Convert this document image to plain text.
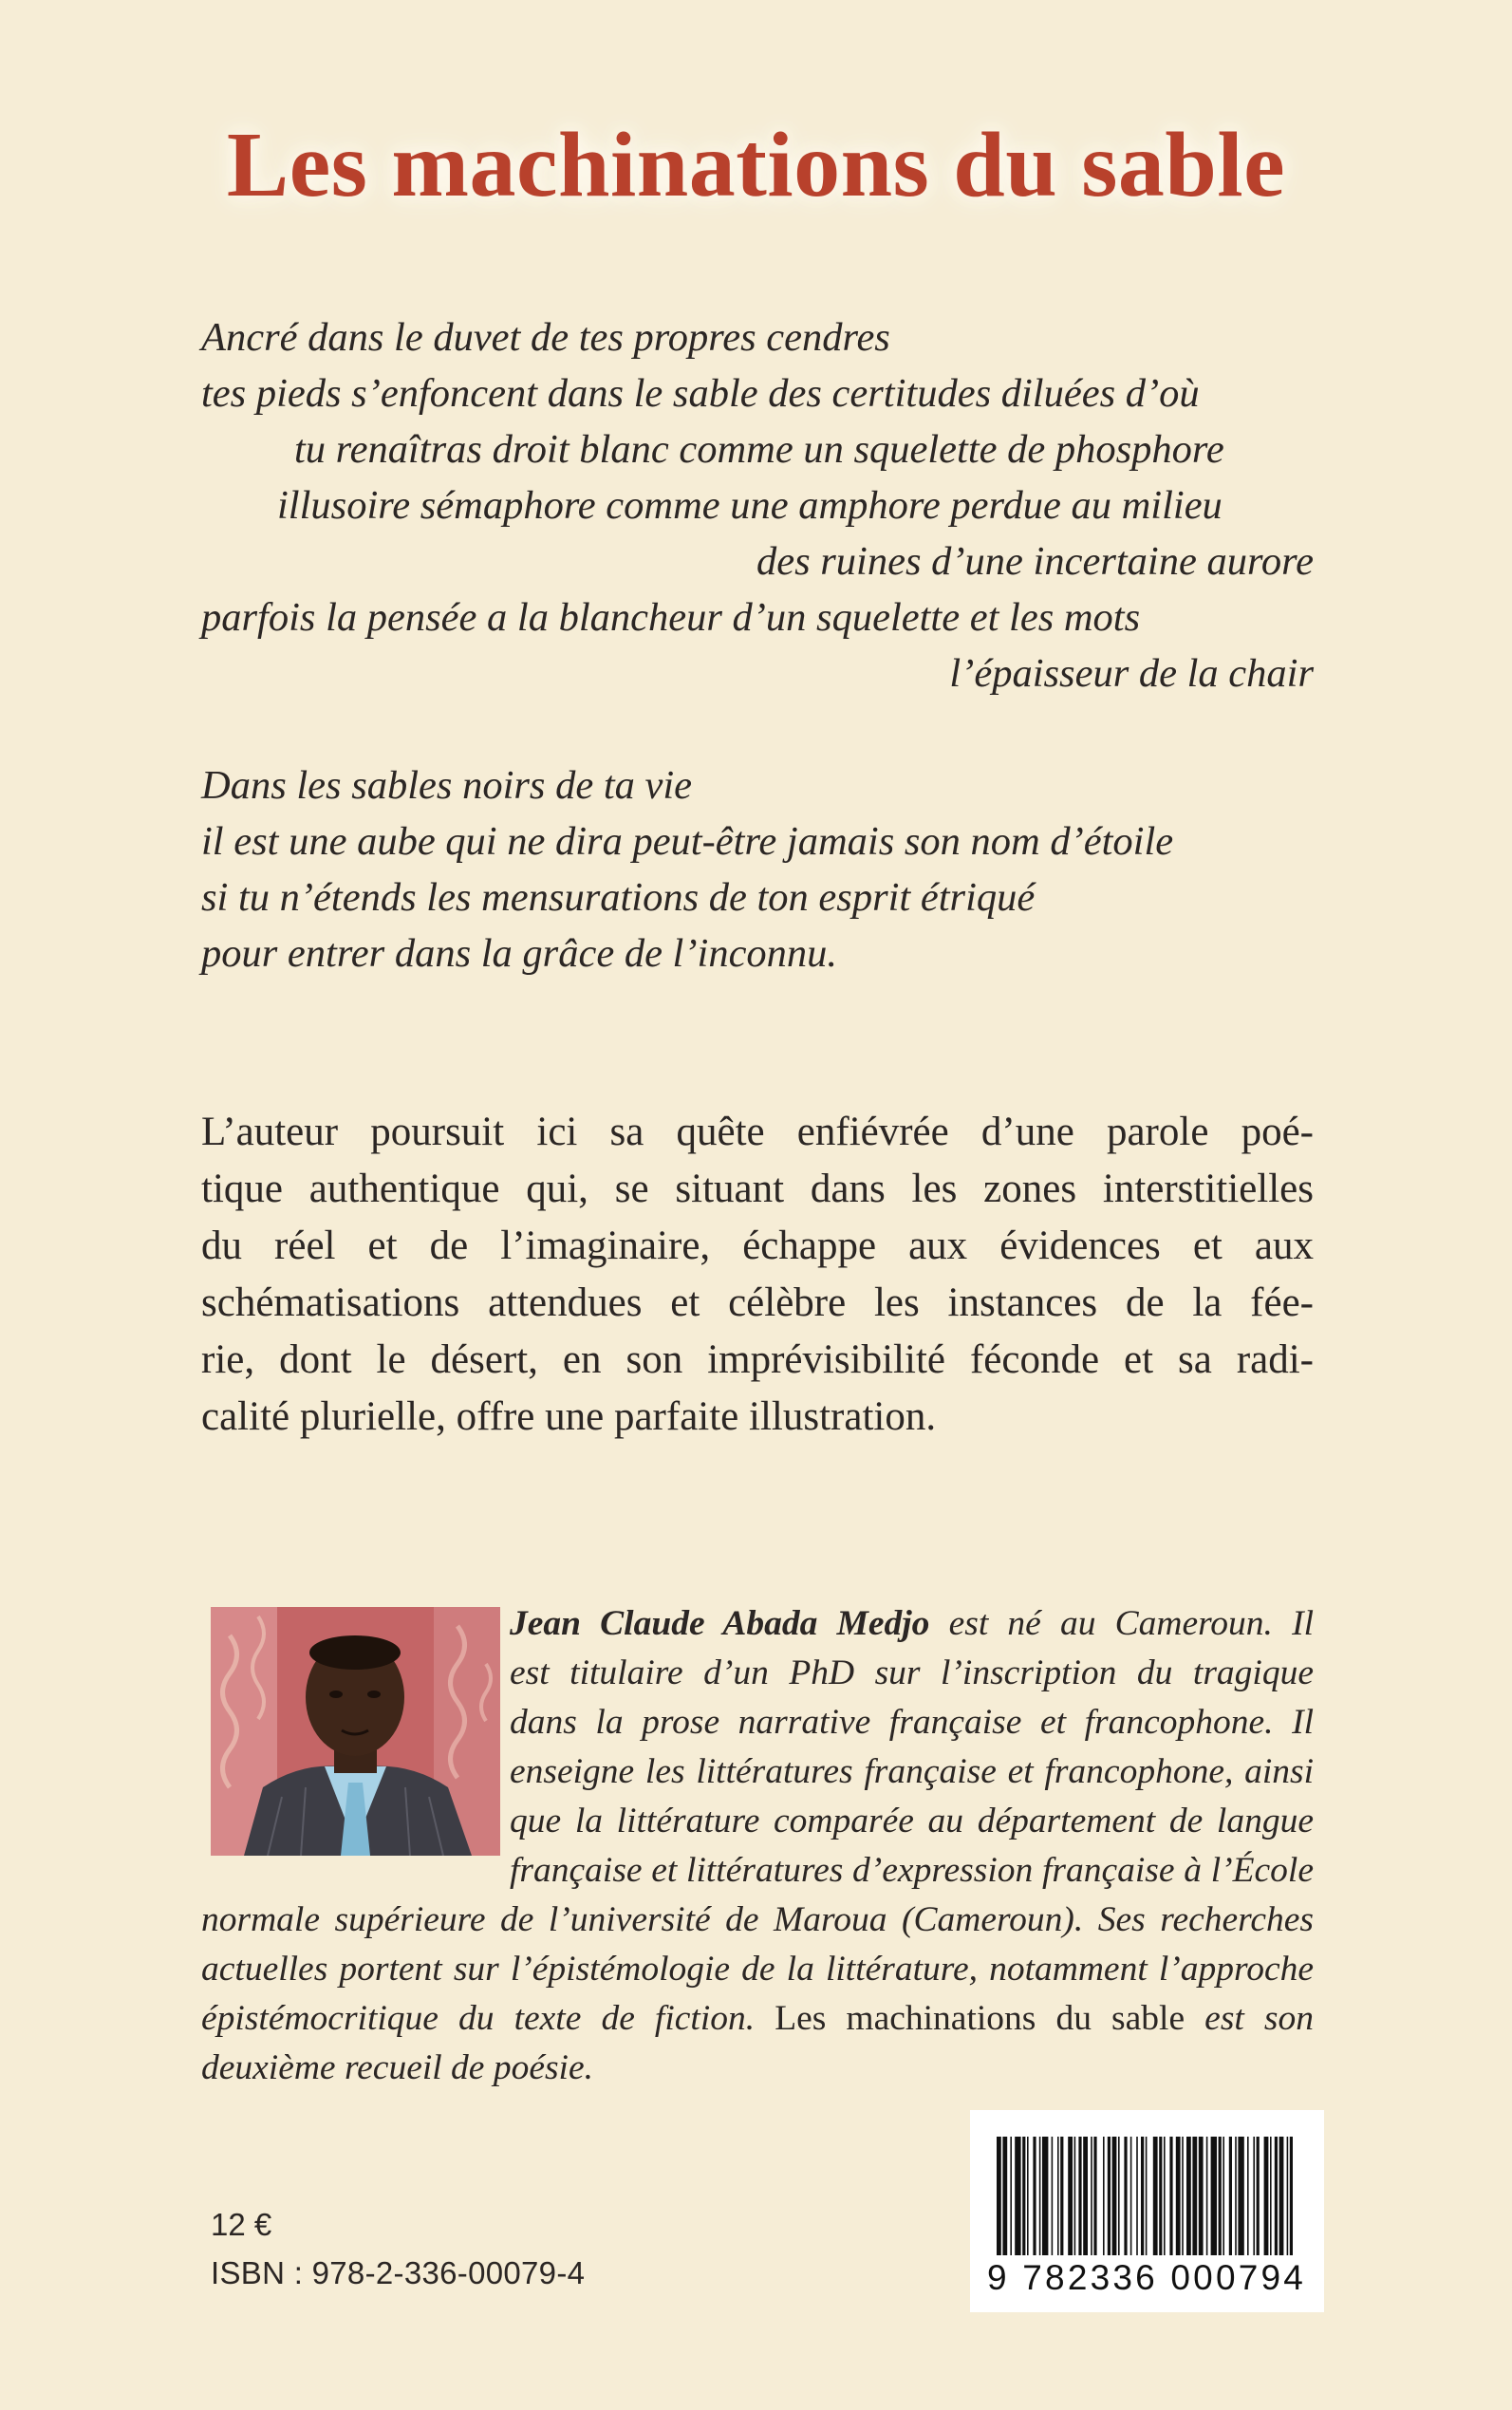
Les machinations du sable
Ancré dans le duvet de tes propres cendres
tes pieds s’enfoncent dans le sable des certitudes diluées d’où
tu renaîtras droit blanc comme un squelette de phosphore
illusoire sémaphore comme une amphore perdue au milieu
des ruines d’une incertaine aurore
parfois la pensée a la blancheur d’un squelette et les mots
l’épaisseur de la chair
Dans les sables noirs de ta vie
il est une aube qui ne dira peut-être jamais son nom d’étoile
si tu n’étends les mensurations de ton esprit étriqué
pour entrer dans la grâce de l’inconnu.
L’auteur poursuit ici sa quête enfiévrée d’une parole poé-
tique authentique qui, se situant dans les zones interstitielles
du réel et de l’imaginaire, échappe aux évidences et aux
schématisations attendues et célèbre les instances de la fée-
rie, dont le désert, en son imprévisibilité féconde et sa radi-
calité plurielle, offre une parfaite illustration.
Jean Claude Abada Medjo est né au Cameroun. Il
est titulaire d’un PhD sur l’inscription du tragique
dans la prose narrative française et francophone. Il
enseigne les littératures française et francophone, ainsi
que la littérature comparée au département de langue
française et littératures d’expression française à l’École
normale supérieure de l’université de Maroua (Cameroun). Ses recherches
actuelles portent sur l’épistémologie de la littérature, notamment l’approche
épistémocritique du texte de fiction. Les machinations du sable est son
deuxième recueil de poésie.
12 €
ISBN : 978-2-336-00079-4	9 782336 000794
